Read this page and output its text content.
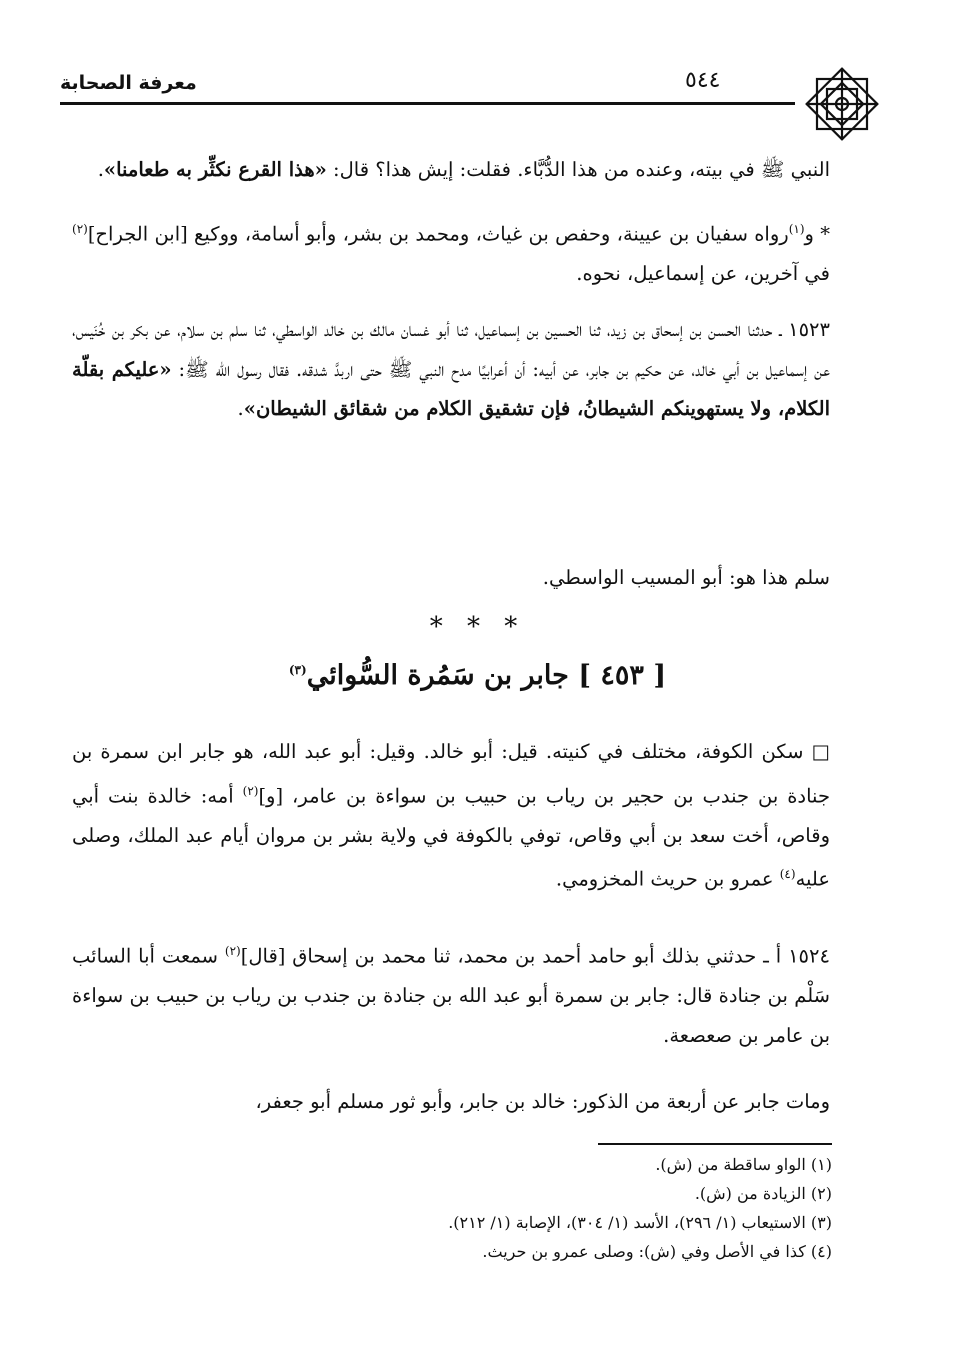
معرفة الصحابة	٥٤٤

النبي ﷺ في بيته، وعنده من هذا الدُّبَّاء. فقلت: إيش هذا؟ قال: «هذا القرع نكثِّر به طعامنا».

* و$^{(١)}$رواه سفيان بن عيينة، وحفص بن غياث، ومحمد بن بشر، وأبو أسامة، ووكيع [ابن الجراح]$^{(٢)}$ في آخرين، عن إسماعيل، نحوه.

١٥٢٣ ـ حدثنا الحسن بن إسحاق بن زيد، ثنا الحسين بن إسماعيل، ثنا أبو غسان مالك بن خالد الواسطي، ثنا سلم بن سلام، عن بكر بن خُنَيس، عن إسماعيل بن أبي خالد، عن حكيم بن جابر، عن أبيه: أن أعرابيًا مدح النبي ﷺ حتى اربدَّ شدقه. فقال رسول الله ﷺ: «عليكم بقلّة الكلام، ولا يستهوينكم الشيطانُ، فإن تشقيق الكلام من شقائق الشيطان».

سلم هذا هو: أبو المسيب الواسطي.

* * *
[ ٤٥٣ ] جابر بن سَمُرة السُّوائي$^{(٣)}$

□ سكن الكوفة، مختلف في كنيته. قيل: أبو خالد. وقيل: أبو عبد الله، هو جابر ابن سمرة بن جنادة بن جندب بن حجير بن رياب بن حبيب بن سواءة بن عامر، [و]$^{(٢)}$ أمه: خالدة بنت أبي وقاص، أخت سعد بن أبي وقاص، توفي بالكوفة في ولاية بشر بن مروان أيام عبد الملك، وصلى عليه$^{(٤)}$ عمرو بن حريث المخزومي.

١٥٢٤ أ ـ حدثني بذلك أبو حامد أحمد بن محمد، ثنا محمد بن إسحاق [قال]$^{(٢)}$ سمعت أبا السائب سَلْم بن جنادة قال: جابر بن سمرة أبو عبد الله بن جنادة بن جندب بن رياب بن حبيب بن سواءة بن عامر بن صعصعة.

ومات جابر عن أربعة من الذكور: خالد بن جابر، وأبو ثور مسلم أبو جعفر،

(١) الواو ساقطة من (ش).
(٢) الزيادة من (ش).
(٣) الاستيعاب (١/ ٢٩٦)، الأسد (١/ ٣٠٤)، الإصابة (١/ ٢١٢).
(٤) كذا في الأصل وفي (ش): وصلى عمرو بن حريث.
